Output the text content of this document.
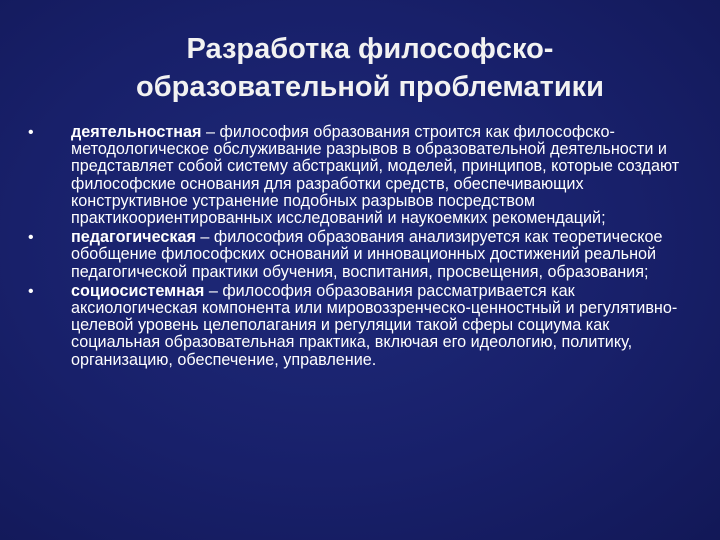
Разработка философско-
образовательной проблематики
•	деятельностная – философия образования строится как философско-методологическое обслуживание разрывов в образовательной деятельности и представляет собой систему абстракций, моделей, принципов, которые создают философские основания для разработки средств, обеспечивающих конструктивное устранение подобных разрывов посредством практикоориентированных исследований и наукоемких рекомендаций;
•	педагогическая – философия образования анализируется как теоретическое обобщение философских оснований и инновационных достижений реальной педагогической практики обучения, воспитания, просвещения, образования;
•	социосистемная – философия образования рассматривается как аксиологическая компонента или мировоззренческо-ценностный и регулятивно-целевой уровень целеполагания и регуляции такой сферы социума как социальная образовательная практика, включая его идеологию, политику, организацию, обеспечение, управление.
